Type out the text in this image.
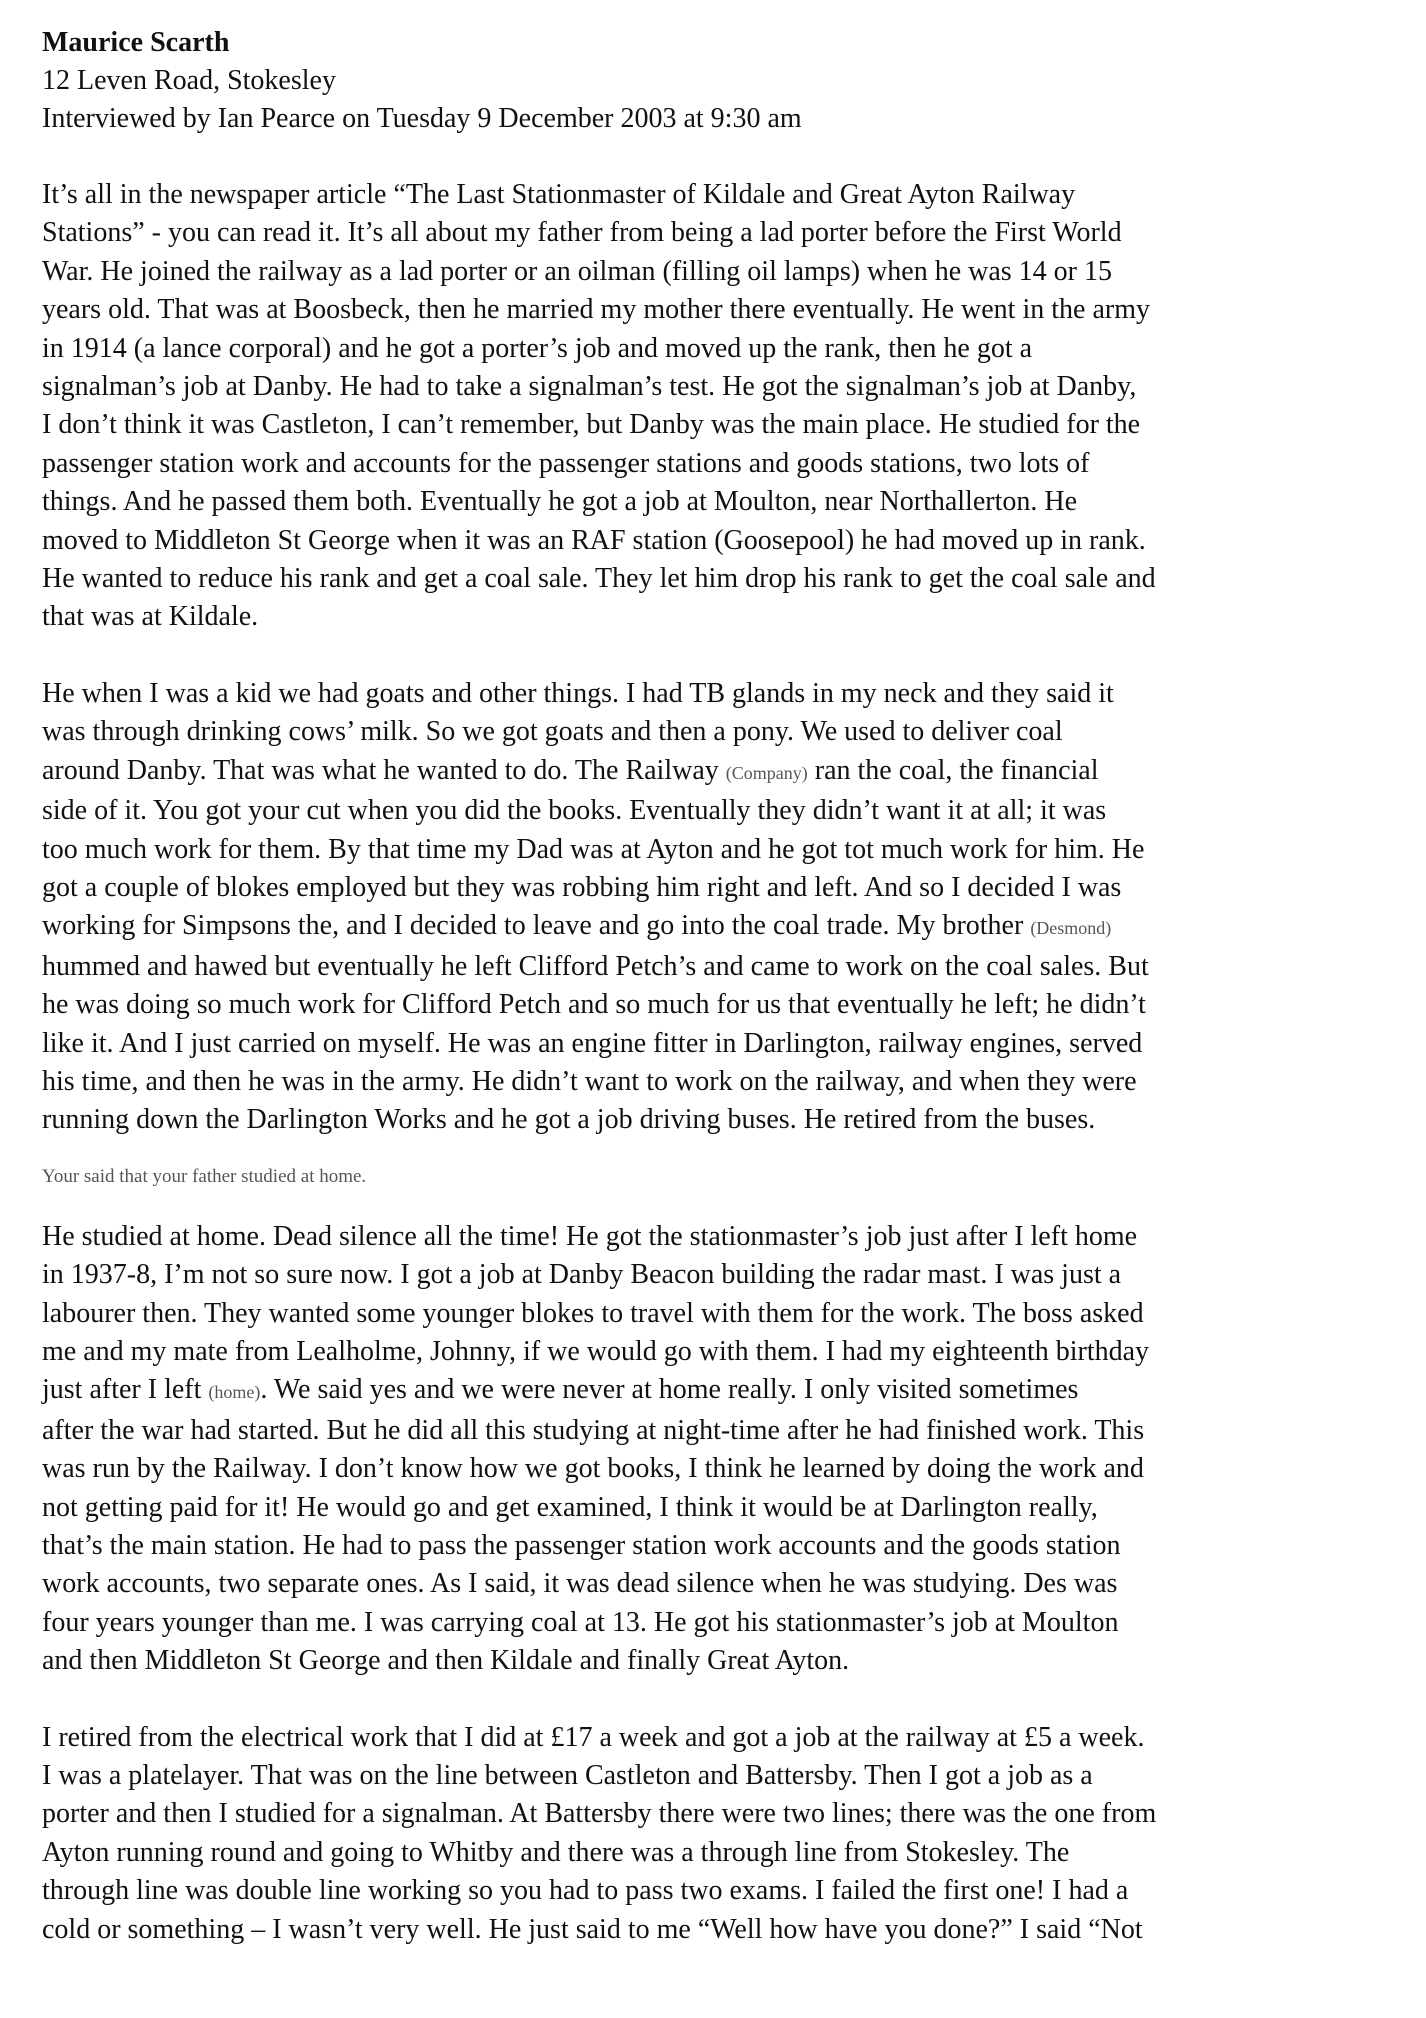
Maurice Scarth

12 Leven Road, Stokesley

Interviewed by Ian Pearce on Tuesday 9 December 2003 at 9:30 am

It’s all in the newspaper article “The Last Stationmaster of Kildale and Great Ayton Railway
Stations” - you can read it. It’s all about my father from being a lad porter before the First World
War. He joined the railway as a lad porter or an oilman (filling oil lamps) when he was 14 or 15
years old. That was at Boosbeck, then he married my mother there eventually. He went in the army
in 1914 (a lance corporal) and he got a porter’s job and moved up the rank, then he got a
signalman’s job at Danby. He had to take a signalman’s test. He got the signalman’s job at Danby,
I don’t think it was Castleton, I can’t remember, but Danby was the main place. He studied for the
passenger station work and accounts for the passenger stations and goods stations, two lots of
things. And he passed them both. Eventually he got a job at Moulton, near Northallerton. He
moved to Middleton St George when it was an RAF station (Goosepool) he had moved up in rank.
He wanted to reduce his rank and get a coal sale. They let him drop his rank to get the coal sale and
that was at Kildale.

He when I was a kid we had goats and other things. I had TB glands in my neck and they said it
was through drinking cows’ milk. So we got goats and then a pony. We used to deliver coal
around Danby. That was what he wanted to do. The Railway (Company) ran the coal, the financial
side of it. You got your cut when you did the books. Eventually they didn’t want it at all; it was
too much work for them. By that time my Dad was at Ayton and he got tot much work for him. He
got a couple of blokes employed but they was robbing him right and left. And so I decided I was
working for Simpsons the, and I decided to leave and go into the coal trade. My brother (Desmond)
hummed and hawed but eventually he left Clifford Petch’s and came to work on the coal sales. But
he was doing so much work for Clifford Petch and so much for us that eventually he left; he didn’t
like it. And I just carried on myself. He was an engine fitter in Darlington, railway engines, served
his time, and then he was in the army. He didn’t want to work on the railway, and when they were
running down the Darlington Works and he got a job driving buses. He retired from the buses.

Your said that your father studied at home.

He studied at home. Dead silence all the time! He got the stationmaster’s job just after I left home
in 1937-8, I’m not so sure now. I got a job at Danby Beacon building the radar mast. I was just a
labourer then. They wanted some younger blokes to travel with them for the work. The boss asked
me and my mate from Lealholme, Johnny, if we would go with them. I had my eighteenth birthday
just after I left (home). We said yes and we were never at home really. I only visited sometimes
after the war had started. But he did all this studying at night-time after he had finished work. This
was run by the Railway. I don’t know how we got books, I think he learned by doing the work and
not getting paid for it! He would go and get examined, I think it would be at Darlington really,
that’s the main station. He had to pass the passenger station work accounts and the goods station
work accounts, two separate ones. As I said, it was dead silence when he was studying. Des was
four years younger than me. I was carrying coal at 13. He got his stationmaster’s job at Moulton
and then Middleton St George and then Kildale and finally Great Ayton.

I retired from the electrical work that I did at £17 a week and got a job at the railway at £5 a week.
I was a platelayer. That was on the line between Castleton and Battersby. Then I got a job as a
porter and then I studied for a signalman. At Battersby there were two lines; there was the one from
Ayton running round and going to Whitby and there was a through line from Stokesley. The
through line was double line working so you had to pass two exams. I failed the first one! I had a
cold or something – I wasn’t very well. He just said to me “Well how have you done?” I said “Not
